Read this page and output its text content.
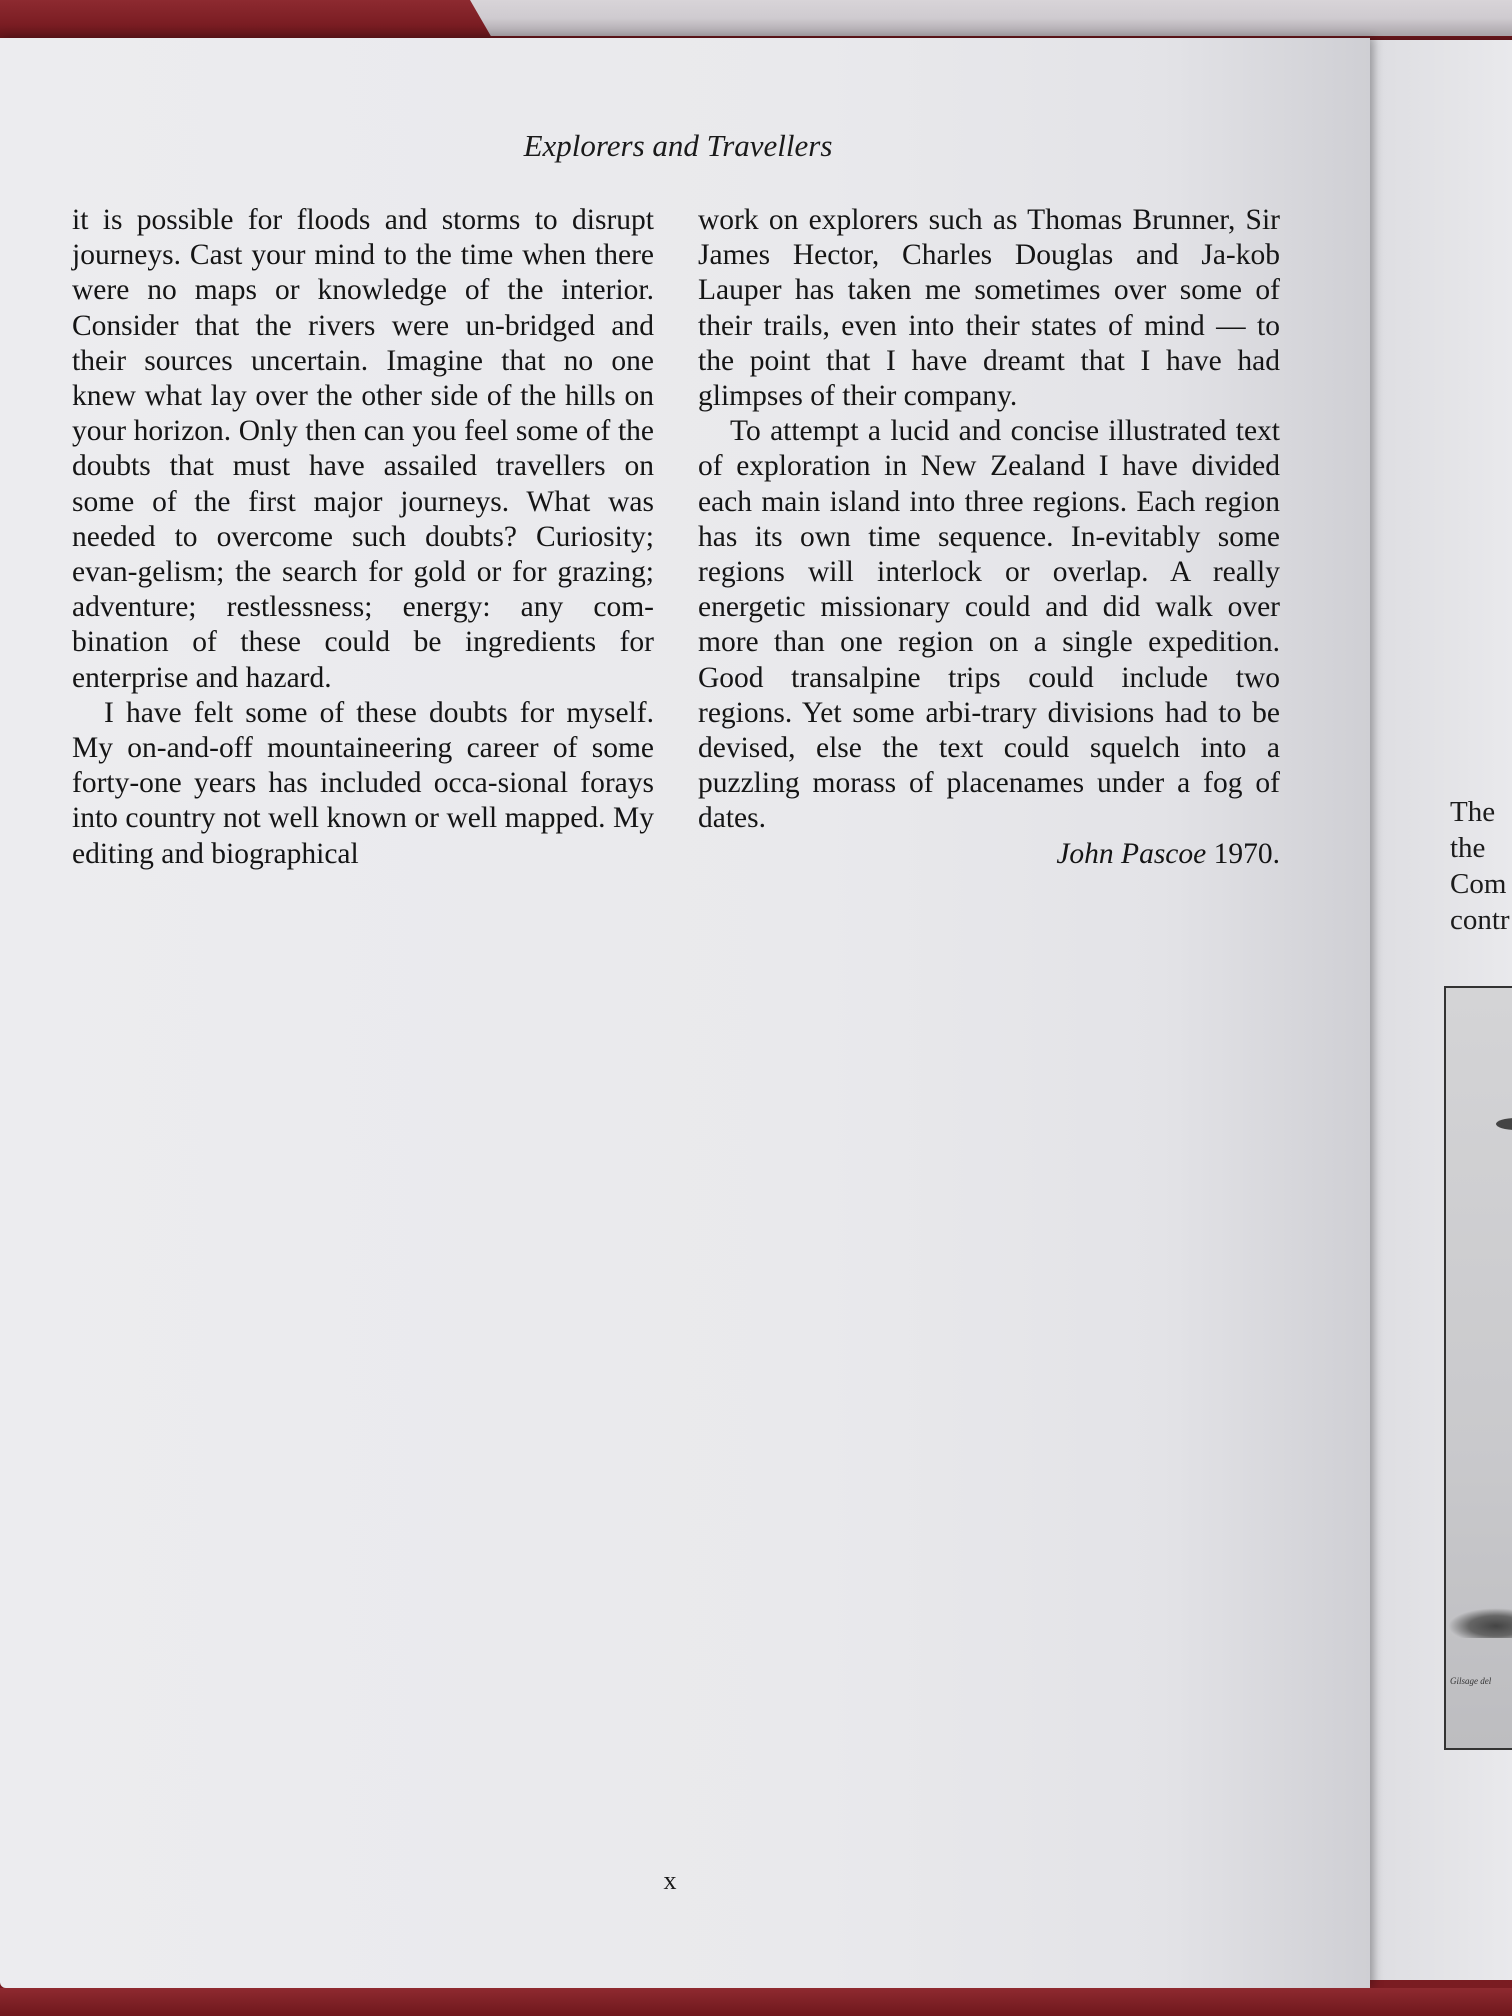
The
the
Com
contr
Gilsage del
Explorers and Travellers

it is possible for floods and storms to disrupt journeys. Cast your mind to the time when there were no maps or knowledge of the interior. Consider that the rivers were un-bridged and their sources uncertain. Imagine that no one knew what lay over the other side of the hills on your horizon. Only then can you feel some of the doubts that must have assailed travellers on some of the first major journeys. What was needed to overcome such doubts? Curiosity; evan-gelism; the search for gold or for grazing; adventure; restlessness; energy: any com-bination of these could be ingredients for enterprise and hazard.

I have felt some of these doubts for myself. My on-and-off mountaineering career of some forty-one years has included occa-sional forays into country not well known or well mapped. My editing and biographical

work on explorers such as Thomas Brunner, Sir James Hector, Charles Douglas and Ja-kob Lauper has taken me sometimes over some of their trails, even into their states of mind — to the point that I have dreamt that I have had glimpses of their company.

To attempt a lucid and concise illustrated text of exploration in New Zealand I have divided each main island into three regions. Each region has its own time sequence. In-evitably some regions will interlock or overlap. A really energetic missionary could and did walk over more than one region on a single expedition. Good transalpine trips could include two regions. Yet some arbi-trary divisions had to be devised, else the text could squelch into a puzzling morass of placenames under a fog of dates.

John Pascoe 1970.

x
